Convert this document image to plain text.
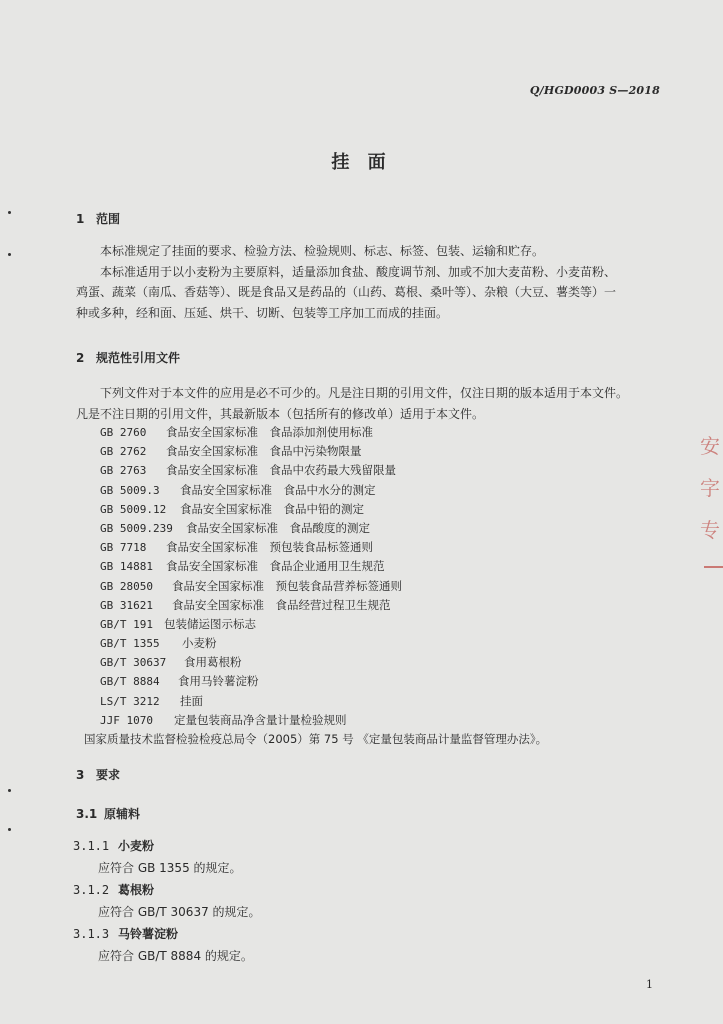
Q/HGD0003 S—2018
挂 面
1 范围
本标准规定了挂面的要求、检验方法、检验规则、标志、标签、包装、运输和贮存。
本标准适用于以小麦粉为主要原料，适量添加食盐、酸度调节剂、加或不加大麦苗粉、小麦苗粉、
鸡蛋、蔬菜（南瓜、香菇等）、既是食品又是药品的（山药、葛根、桑叶等）、杂粮（大豆、薯类等）一
种或多种，经和面、压延、烘干、切断、包装等工序加工而成的挂面。
2 规范性引用文件
下列文件对于本文件的应用是必不可少的。凡是注日期的引用文件，仅注日期的版本适用于本文件。
凡是不注日期的引用文件，其最新版本（包括所有的修改单）适用于本文件。
GB 2760 食品安全国家标准　食品添加剂使用标准
GB 2762 食品安全国家标准　食品中污染物限量
GB 2763 食品安全国家标准　食品中农药最大残留限量
GB 5009.3 食品安全国家标准　食品中水分的测定
GB 5009.12 食品安全国家标准　食品中铅的测定
GB 5009.239 食品安全国家标准　食品酸度的测定
GB 7718 食品安全国家标准　预包装食品标签通则
GB 14881 食品安全国家标准　食品企业通用卫生规范
GB 28050 食品安全国家标准　预包装食品营养标签通则
GB 31621 食品安全国家标准　食品经营过程卫生规范
GB/T 191 包装储运图示标志
GB/T 1355 小麦粉
GB/T 30637 食用葛根粉
GB/T 8884 食用马铃薯淀粉
LS/T 3212 挂面
JJF 1070 定量包装商品净含量计量检验规则
国家质量技术监督检验检疫总局令（2005）第 75 号 《定量包装商品计量监督管理办法》。
3 要求
3.1 原辅料
3.1.1 小麦粉
应符合 GB 1355 的规定。
3.1.2 葛根粉
应符合 GB/T 30637 的规定。
3.1.3 马铃薯淀粉
应符合 GB/T 8884 的规定。
1
安 字 专
